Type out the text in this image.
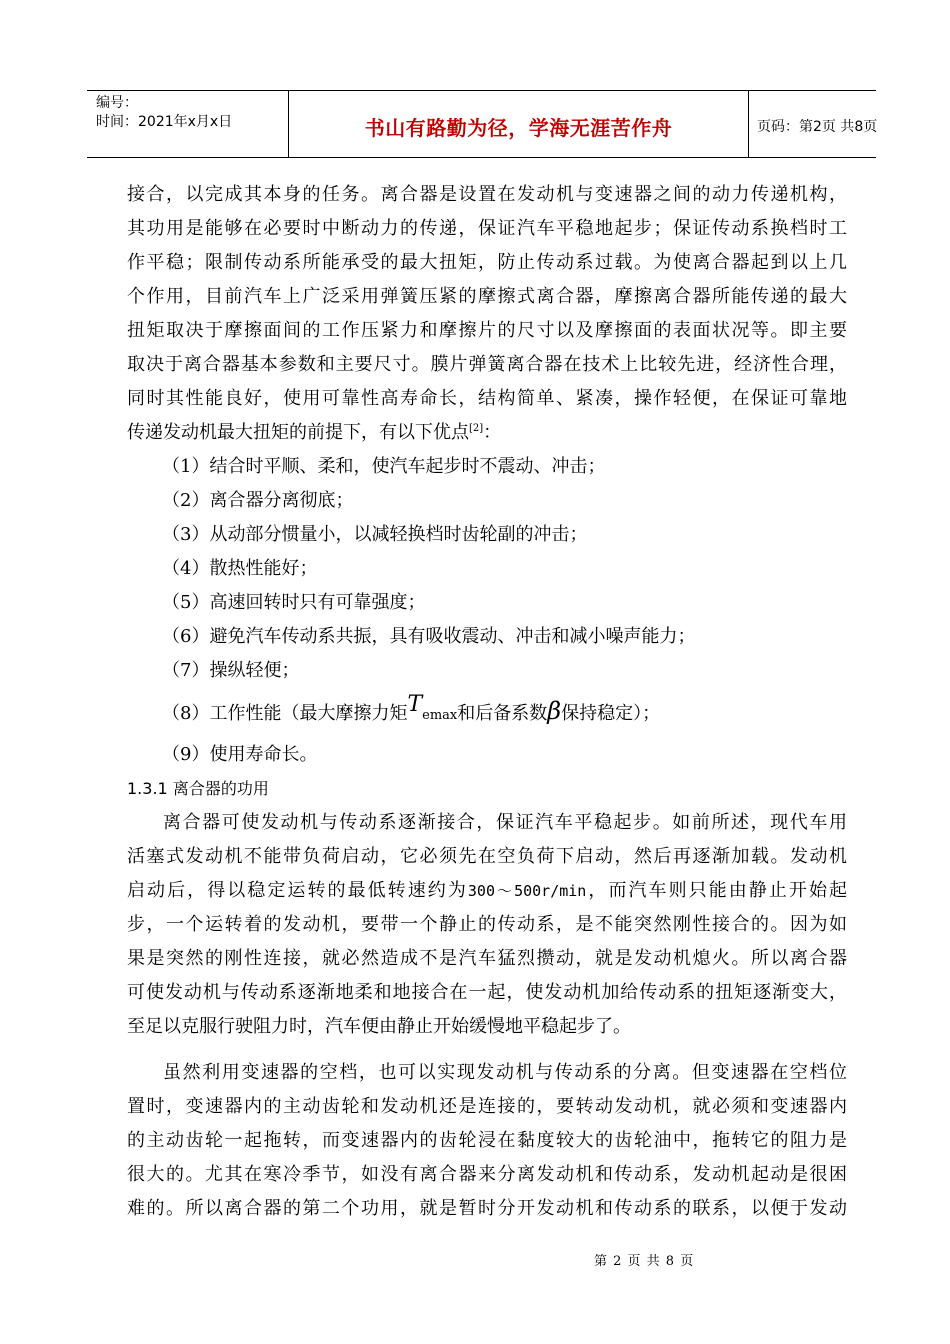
编号：
时间：2021年x月x日	书山有路勤为径，学海无涯苦作舟	页码：第2页 共8页
接合，以完成其本身的任务。离合器是设置在发动机与变速器之间的动力传递机构，
其功用是能够在必要时中断动力的传递，保证汽车平稳地起步；保证传动系换档时工
作平稳；限制传动系所能承受的最大扭矩，防止传动系过载。为使离合器起到以上几
个作用，目前汽车上广泛采用弹簧压紧的摩擦式离合器，摩擦离合器所能传递的最大
扭矩取决于摩擦面间的工作压紧力和摩擦片的尺寸以及摩擦面的表面状况等。即主要
取决于离合器基本参数和主要尺寸。膜片弹簧离合器在技术上比较先进，经济性合理，
同时其性能良好，使用可靠性高寿命长，结构简单、紧凑，操作轻便，在保证可靠地
传递发动机最大扭矩的前提下，有以下优点[2]：
（1）结合时平顺、柔和，使汽车起步时不震动、冲击；
（2）离合器分离彻底；
（3）从动部分惯量小，以减轻换档时齿轮副的冲击；
（4）散热性能好；
（5）高速回转时只有可靠强度；
（6）避免汽车传动系共振，具有吸收震动、冲击和减小噪声能力；
（7）操纵轻便；
（8）工作性能（最大摩擦力矩Temax和后备系数β保持稳定）；
（9）使用寿命长。
1.3.1 离合器的功用
离合器可使发动机与传动系逐渐接合，保证汽车平稳起步。如前所述，现代车用
活塞式发动机不能带负荷启动，它必须先在空负荷下启动，然后再逐渐加载。发动机
启动后，得以稳定运转的最低转速约为300～500r/min，而汽车则只能由静止开始起
步，一个运转着的发动机，要带一个静止的传动系，是不能突然刚性接合的。因为如
果是突然的刚性连接，就必然造成不是汽车猛烈攒动，就是发动机熄火。所以离合器
可使发动机与传动系逐渐地柔和地接合在一起，使发动机加给传动系的扭矩逐渐变大，
至足以克服行驶阻力时，汽车便由静止开始缓慢地平稳起步了。
虽然利用变速器的空档，也可以实现发动机与传动系的分离。但变速器在空档位
置时，变速器内的主动齿轮和发动机还是连接的，要转动发动机，就必须和变速器内
的主动齿轮一起拖转，而变速器内的齿轮浸在黏度较大的齿轮油中，拖转它的阻力是
很大的。尤其在寒冷季节，如没有离合器来分离发动机和传动系，发动机起动是很困
难的。所以离合器的第二个功用，就是暂时分开发动机和传动系的联系，以便于发动
第 2 页 共 8 页
